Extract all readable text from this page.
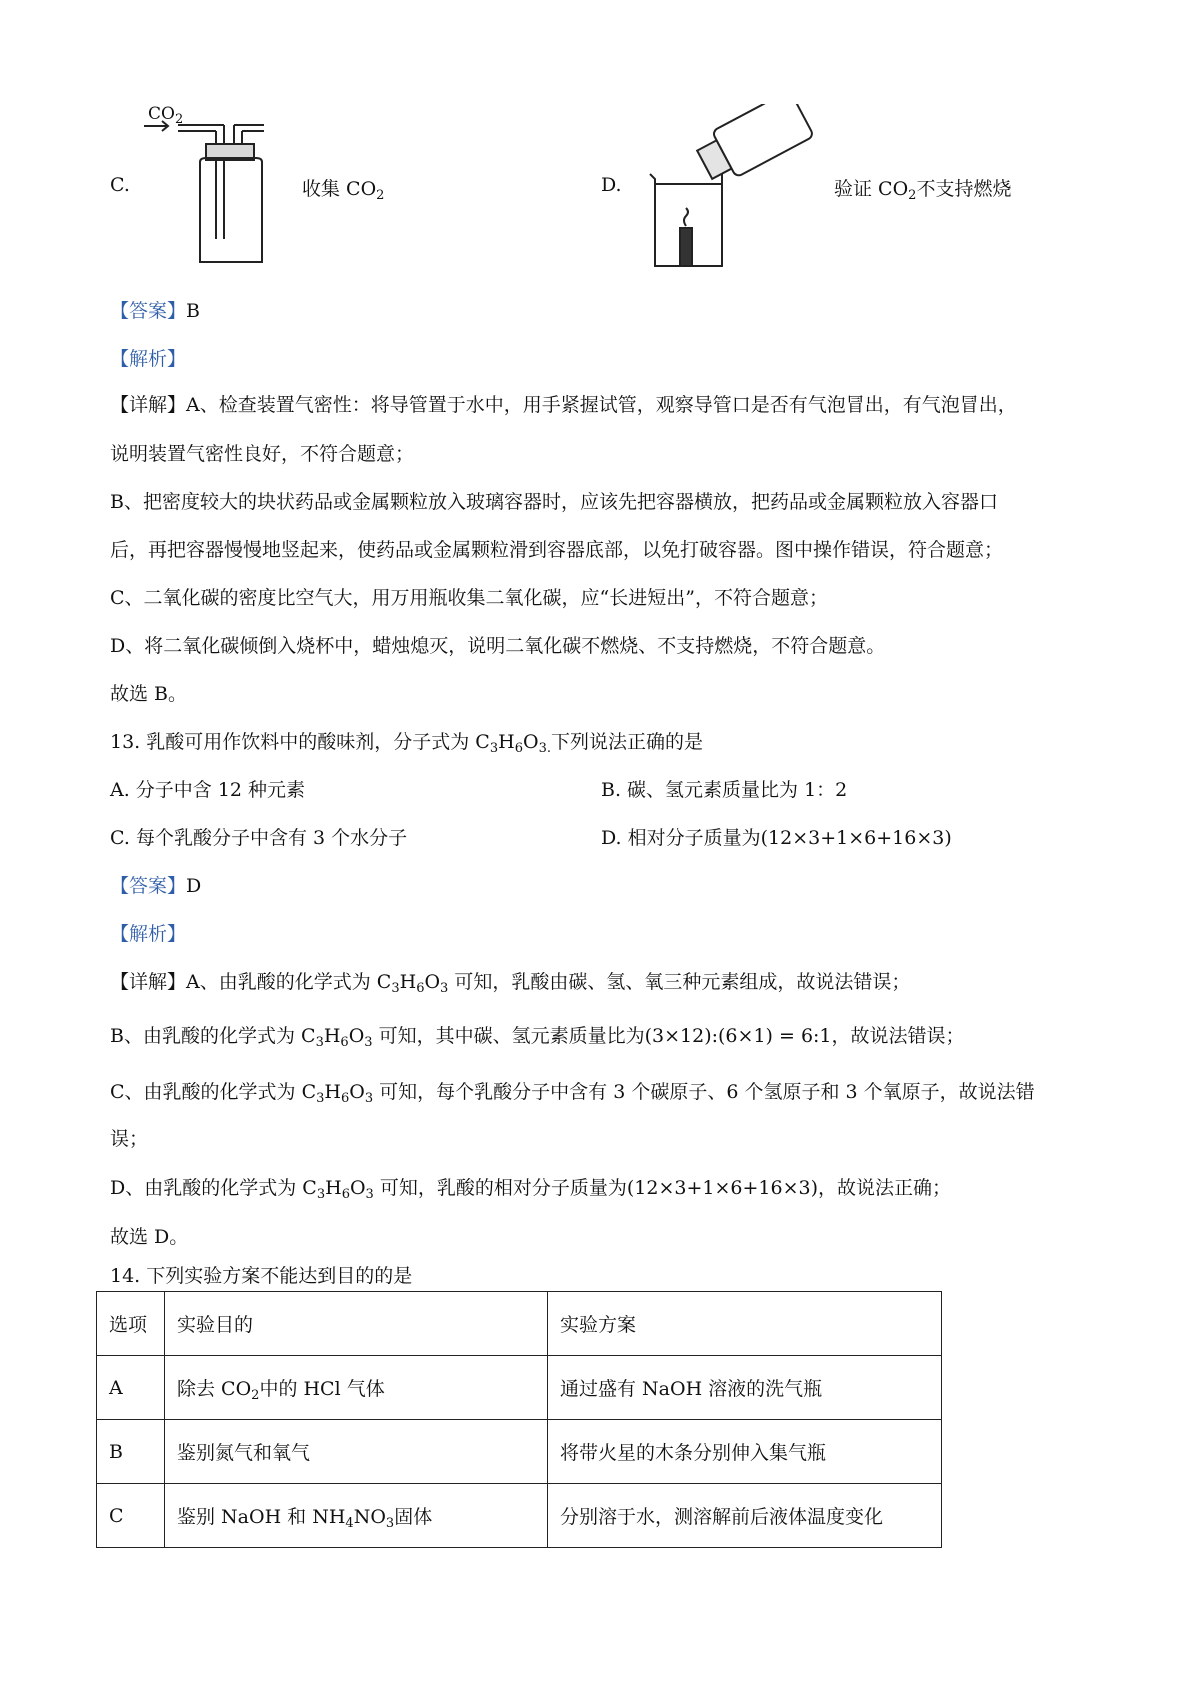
C.
$CO_2$
收集 $CO_2$	D.	验证 $CO_2$不支持燃烧
【答案】B
【解析】
【详解】A、检查装置气密性：将导管置于水中，用手紧握试管，观察导管口是否有气泡冒出，有气泡冒出，
说明装置气密性良好，不符合题意；
B、把密度较大的块状药品或金属颗粒放入玻璃容器时，应该先把容器横放，把药品或金属颗粒放入容器口
后，再把容器慢慢地竖起来，使药品或金属颗粒滑到容器底部，以免打破容器。图中操作错误，符合题意；
C、二氧化碳的密度比空气大，用万用瓶收集二氧化碳，应“长进短出”，不符合题意；
D、将二氧化碳倾倒入烧杯中，蜡烛熄灭，说明二氧化碳不燃烧、不支持燃烧，不符合题意。
故选 B。
13. 乳酸可用作饮料中的酸味剂，分子式为 $C_3H_6O_{3.}$下列说法正确的是
A. 分子中含 12 种元素	B. 碳、氢元素质量比为 1：2
C. 每个乳酸分子中含有 3 个水分子	D. 相对分子质量为(12×3+1×6+16×3)
【答案】D
【解析】
【详解】A、由乳酸的化学式为 $C_3H_6O_3$ 可知，乳酸由碳、氢、氧三种元素组成，故说法错误；
B、由乳酸的化学式为 $C_3H_6O_3$ 可知，其中碳、氢元素质量比为(3×12):(6×1) = 6:1，故说法错误；
C、由乳酸的化学式为 $C_3H_6O_3$ 可知，每个乳酸分子中含有 3 个碳原子、6 个氢原子和 3 个氧原子，故说法错
误；
D、由乳酸的化学式为 $C_3H_6O_3$ 可知，乳酸的相对分子质量为(12×3+1×6+16×3)，故说法正确；
故选 D。
14. 下列实验方案不能达到目的的是
选项	实验目的	实验方案
A	除去 $CO_2$中的 HCl 气体	通过盛有 NaOH 溶液的洗气瓶
B	鉴别氮气和氧气	将带火星的木条分别伸入集气瓶
C	鉴别 NaOH 和 $NH_4NO_3$固体	分别溶于水，测溶解前后液体温度变化
